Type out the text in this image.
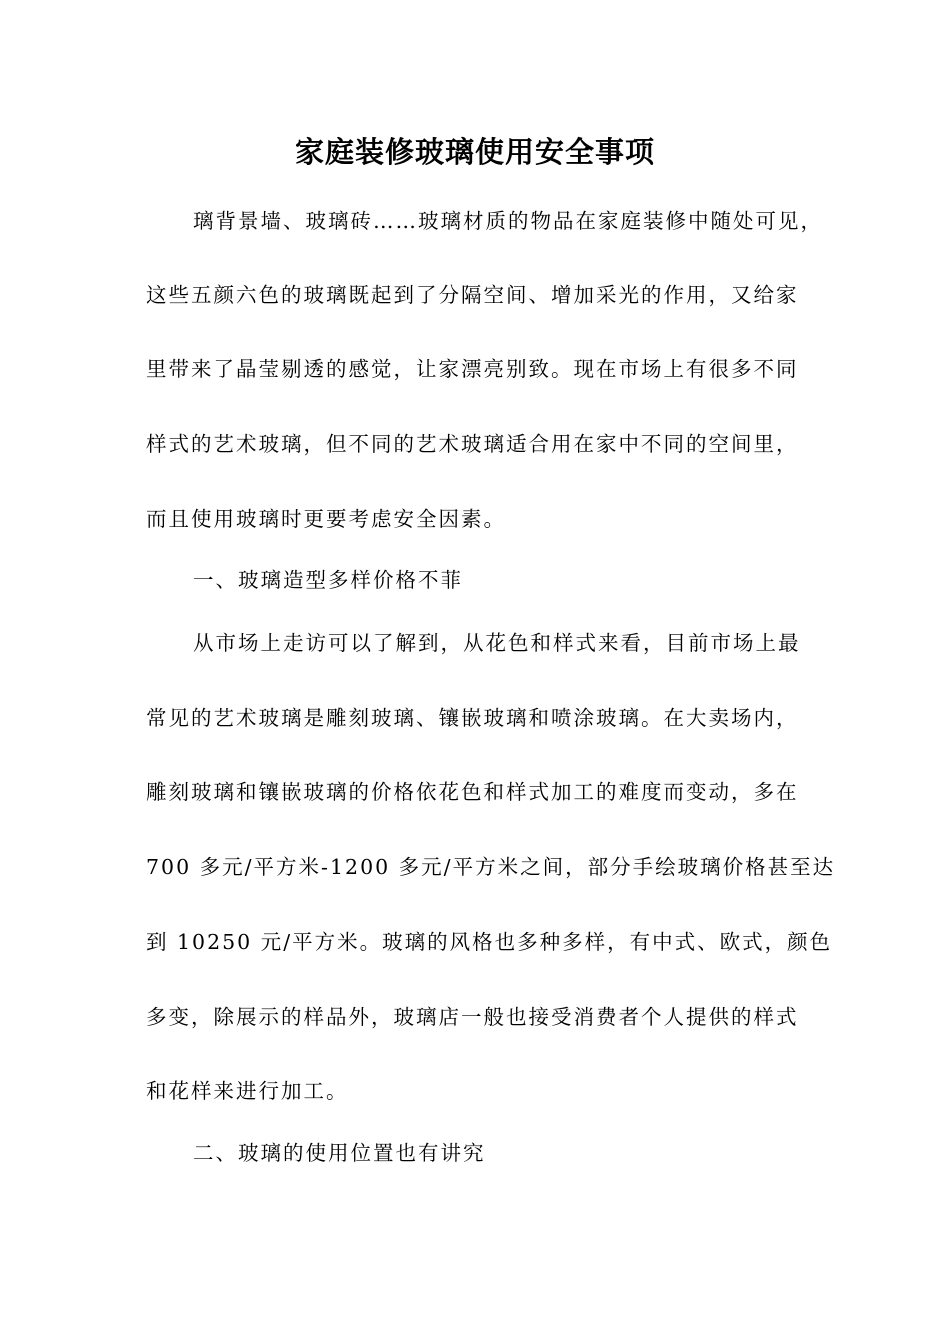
家庭装修玻璃使用安全事项

璃背景墙、玻璃砖……玻璃材质的物品在家庭装修中随处可见，

这些五颜六色的玻璃既起到了分隔空间、增加采光的作用，又给家

里带来了晶莹剔透的感觉，让家漂亮别致。现在市场上有很多不同

样式的艺术玻璃，但不同的艺术玻璃适合用在家中不同的空间里，

而且使用玻璃时更要考虑安全因素。

一、玻璃造型多样价格不菲

从市场上走访可以了解到，从花色和样式来看，目前市场上最

常见的艺术玻璃是雕刻玻璃、镶嵌玻璃和喷涂玻璃。在大卖场内，

雕刻玻璃和镶嵌玻璃的价格依花色和样式加工的难度而变动，多在

700 多元/平方米-1200 多元/平方米之间，部分手绘玻璃价格甚至达

到 10250 元/平方米。玻璃的风格也多种多样，有中式、欧式，颜色

多变，除展示的样品外，玻璃店一般也接受消费者个人提供的样式

和花样来进行加工。

二、玻璃的使用位置也有讲究
